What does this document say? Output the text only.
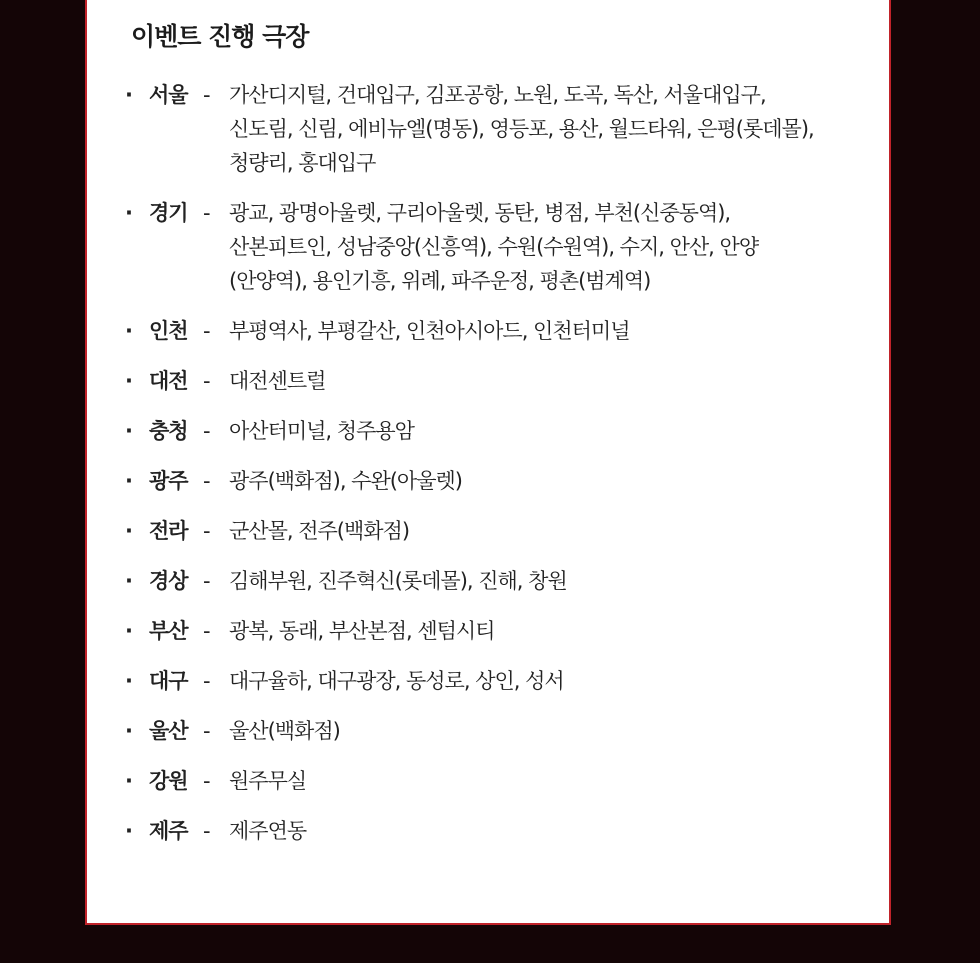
이벤트 진행 극장
· 서울 - 가산디지털, 건대입구, 김포공항, 노원, 도곡, 독산, 서울대입구, 신도림, 신림, 에비뉴엘(명동), 영등포, 용산, 월드타워, 은평(롯데몰), 청량리, 홍대입구
· 경기 - 광교, 광명아울렛, 구리아울렛, 동탄, 병점, 부천(신중동역), 산본피트인, 성남중앙(신흥역), 수원(수원역), 수지, 안산, 안양(안양역), 용인기흥, 위례, 파주운정, 평촌(범계역)
· 인천 - 부평역사, 부평갈산, 인천아시아드, 인천터미널
· 대전 - 대전센트럴
· 충청 - 아산터미널, 청주용암
· 광주 - 광주(백화점), 수완(아울렛)
· 전라 - 군산몰, 전주(백화점)
· 경상 - 김해부원, 진주혁신(롯데몰), 진해, 창원
· 부산 - 광복, 동래, 부산본점, 센텀시티
· 대구 - 대구율하, 대구광장, 동성로, 상인, 성서
· 울산 - 울산(백화점)
· 강원 - 원주무실
· 제주 - 제주연동
